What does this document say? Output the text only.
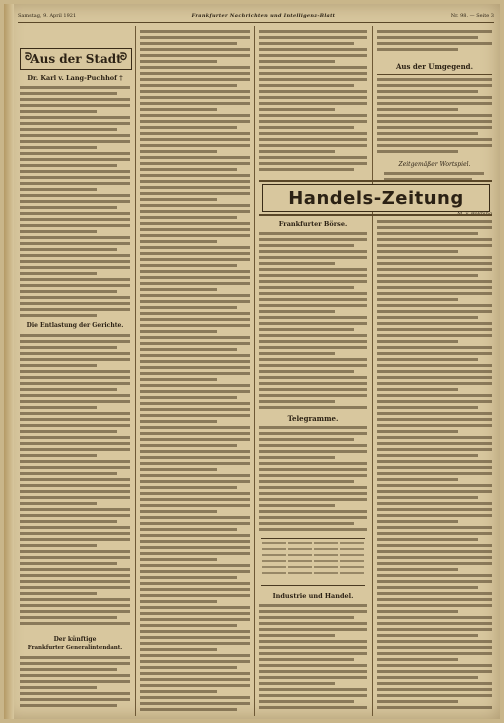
Samstag, 9. April 1921	Frankfurter Nachrichten und Intelligenz-Blatt	Nr. 98. — Seite 3
ᘐ
Aus der Stadt
ᘐ
Dr. Karl v. Lang-Puchhof †
Die Entlastung der Gerichte.
Der künftige
Frankfurter Generalintendant.
Aus der Umgegend.
Zeitgemäßer Wortspiel.
Handels-Zeitung
Frankfurter Börse.
Telegramme.
Industrie und Handel.
